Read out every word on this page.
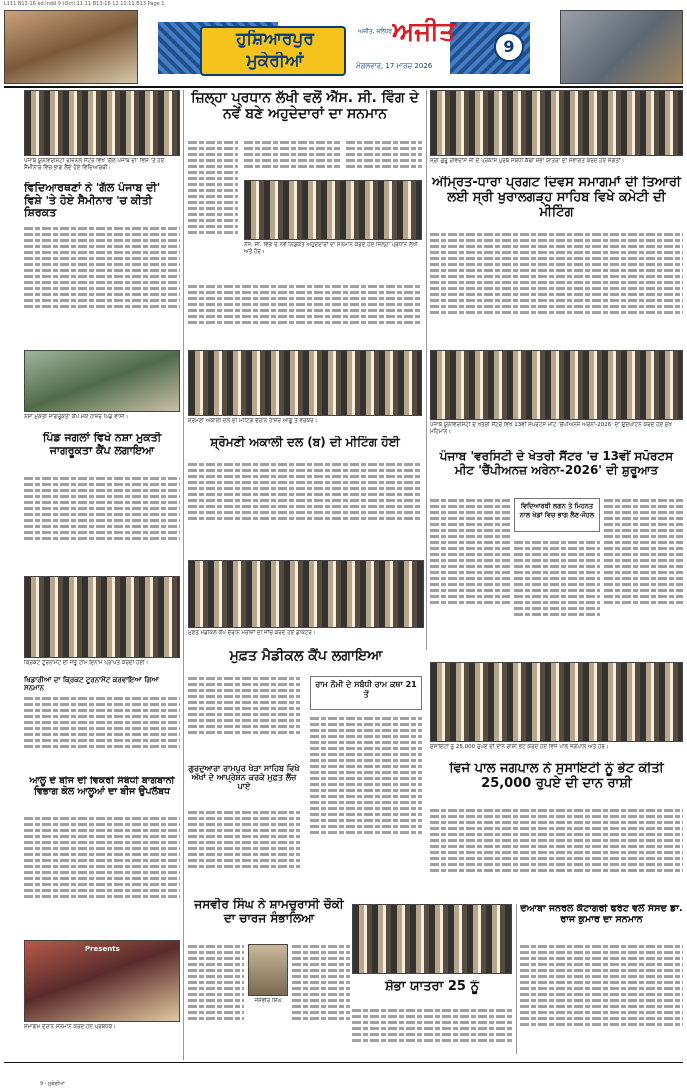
L111 B13-16 ed.indd 9 (Oct) 11:11 B13-16 12 11:11 B13 Page 1
ਹੁਸ਼ਿਆਰਪੁਰ
ਮੁਕੇਰੀਆਂ
ਅਜੀਤ, ਜਲੰਧਰ ਅਜੀਤ
ਮੰਗਲਵਾਰ, 17 ਮਾਰਚ 2026
9
ਪੰਜਾਬ ਯੂਨੀਵਰਸਿਟੀ ਰੀਜ਼ਨਲ ਸੈਂਟਰ ਵਿਖੇ 'ਗੱਲ ਪੰਜਾਬ ਦੀ' ਵਿਸ਼ੇ 'ਤੇ ਹੋਏ ਸੈਮੀਨਾਰ ਵਿਚ ਭਾਗ ਲੈਂਦੇ ਹੋਏ ਵਿਦਿਆਰਥੀ।
ਵਿਦਿਆਰਥਣਾਂ ਨੇ 'ਗੱਲ ਪੰਜਾਬ ਦੀ' ਵਿਸ਼ੇ 'ਤੇ ਹੋਏ ਸੈਮੀਨਾਰ 'ਚ ਕੀਤੀ ਸ਼ਿਰਕਤ
ਨਸ਼ਾ ਮੁਕਤੀ ਜਾਗਰੂਕਤਾ ਕੈਂਪ ਮੌਕੇ ਹਾਜ਼ਰ ਪਿੰਡ ਵਾਸੀ।
ਪਿੰਡ ਜਗਲਾਂ ਵਿਖੇ ਨਸ਼ਾ ਮੁਕਤੀ ਜਾਗਰੂਕਤਾ ਕੈਂਪ ਲਗਾਇਆ
ਕ੍ਰਿਕਟ ਟੂਰਨਾਮੈਂਟ ਦੀ ਜੇਤੂ ਟੀਮ ਇਨਾਮ ਪ੍ਰਾਪਤ ਕਰਦੀ ਹੋਈ।
ਖਿਡਾਰੀਆਂ ਦਾ ਕ੍ਰਿਕਟ ਟੂਰਨਾਮੈਂਟ ਕਰਵਾਇਆ ਗਿਆ ਸਨਮਾਨ
ਆਲੂ ਦੇ ਬੀਜ ਦੀ ਵਿਕਰੀ ਸੰਬੰਧੀ ਬਾਗਬਾਨੀ ਵਿਭਾਗ ਕੋਲ ਆਲੂਆਂ ਦਾ ਬੀਜ ਉਪਲੱਬਧ
Presents
ਸਮਾਗਮ ਦੌਰਾਨ ਸਨਮਾਨ ਕਰਦੇ ਹੋਏ ਪ੍ਰਬੰਧਕ।
ਜ਼ਿਲ੍ਹਾ ਪ੍ਰਧਾਨ ਲੱਖੀ ਵਲੋਂ ਐੱਸ. ਸੀ. ਵਿੰਗ ਦੇ ਨਵੇਂ ਬਣੇ ਅਹੁਦੇਦਾਰਾਂ ਦਾ ਸਨਮਾਨ
ਨੌਜ, ਸੀ. ਵਿੰਗ ਦੇ ਨਵੇਂ ਨਿਯੁਕਤ ਅਹੁਦੇਦਾਰਾਂ ਦਾ ਸਨਮਾਨ ਕਰਦੇ ਹੋਏ ਜ਼ਿਲ੍ਹਾ ਪ੍ਰਧਾਨ ਲੱਖੀ ਅਤੇ ਹੋਰ।
ਸ਼੍ਰੋਮਣੀ ਅਕਾਲੀ ਦਲ ਦੀ ਮੀਟਿੰਗ ਦੌਰਾਨ ਹਾਜ਼ਰ ਆਗੂ ਤੇ ਵਰਕਰ।
ਸ਼੍ਰੋਮਣੀ ਅਕਾਲੀ ਦਲ (ਬ) ਦੀ ਮੀਟਿੰਗ ਹੋਈ
ਮੁਫ਼ਤ ਮੈਡੀਕਲ ਕੈਂਪ ਦੌਰਾਨ ਮਰੀਜ਼ਾਂ ਦੀ ਜਾਂਚ ਕਰਦੇ ਹੋਏ ਡਾਕਟਰ।
ਮੁਫ਼ਤ ਮੈਡੀਕਲ ਕੈਂਪ ਲਗਾਇਆ
ਗੁਰਦੁਆਰਾ ਰਾਮਪੁਰ ਖੇੜਾ ਸਾਹਿਬ ਵਿਖੇ ਅੱਖਾਂ ਦੇ ਆਪ੍ਰੇਸ਼ਨ ਕਰਕੇ ਮੁਫ਼ਤ ਲੈਂਜ਼ ਪਾਏ
ਰਾਮ ਨੌਮੀ ਦੇ ਸਬੰਧੀ ਰਾਮ ਕਥਾ 21 ਤੋਂ
ਜਸਵੀਰ ਸਿੰਘ ਨੇ ਸ਼ਾਮਚੁਰਾਸੀ ਚੌਕੀ ਦਾ ਚਾਰਜ ਸੰਭਾਲਿਆ
ਜਸਵੀਰ ਸਿੰਘ
ਸ੍ਰੀ ਗੁਰੂ ਰਵਿਦਾਸ ਜੀ ਦੇ ਪ੍ਰਕਾਸ਼ ਪੁਰਬ ਸਬੰਧੀ ਕੱਢੀ ਸ਼ੋਭਾ ਯਾਤਰਾ ਦਾ ਸਵਾਗਤ ਕਰਦੇ ਹੋਏ ਸੰਗਤਾਂ।
ਅੰਮ੍ਰਿਤ-ਧਾਰਾ ਪ੍ਰਗਟ ਦਿਵਸ ਸਮਾਗਮਾਂ ਦੀ ਤਿਆਰੀ ਲਈ ਸ੍ਰੀ ਖੁਰਾਲਗੜ੍ਹ ਸਾਹਿਬ ਵਿਖੇ ਕਮੇਟੀ ਦੀ ਮੀਟਿੰਗ
ਪੰਜਾਬ ਯੂਨੀਵਰਸਿਟੀ ਦੇ ਖੇਤਰੀ ਸੈਂਟਰ ਵਿਖੇ 13ਵੀਂ ਸਪੋਰਟਸ ਮੀਟ 'ਚੈਂਪੀਅਨਜ਼ ਅਰੇਨਾ-2026' ਦਾ ਉਦਘਾਟਨ ਕਰਦੇ ਹੋਏ ਮੁੱਖ ਮਹਿਮਾਨ।
ਪੰਜਾਬ 'ਵਰਸਿਟੀ ਦੇ ਖੇਤਰੀ ਸੈਂਟਰ 'ਚ 13ਵੀਂ ਸਪੋਰਟਸ ਮੀਟ 'ਚੈਂਪੀਅਨਜ਼ ਅਰੇਨਾ-2026' ਦੀ ਸ਼ੁਰੂਆਤ
ਵਿਦਿਆਰਥੀ ਲਗਨ ਤੇ ਮਿਹਨਤ ਨਾਲ ਖੇਡਾਂ ਵਿਚ ਭਾਗ ਲੈਣ-ਜੋਹਲ
ਸੁਸਾਇਟੀ ਨੂੰ 25,000 ਰੁਪਏ ਦੀ ਦਾਨ ਰਾਸ਼ੀ ਭੇਟ ਕਰਦੇ ਹੋਏ ਵਿਜੇ ਪਾਲ ਜਗਪਾਲ ਅਤੇ ਹੋਰ।
ਵਿਜੇ ਪਾਲ ਜਗਪਾਲ ਨੇ ਸੁਸਾਇਟੀ ਨੂੰ ਭੇਟ ਕੀਤੀ 25,000 ਰੁਪਏ ਦੀ ਦਾਨ ਰਾਸ਼ੀ
ਸ਼ੋਭਾ ਯਾਤਰਾ 25 ਨੂੰ
ਦੋਆਬਾ ਜਨਰਲ ਕੈਟਾਗਰੀ ਫਰੰਟ ਵਲੋਂ ਸੰਸਦ ਡਾ. ਰਾਜ ਕੁਮਾਰ ਦਾ ਸਨਮਾਨ
9 · ਮੁਕੇਰੀਆਂ
